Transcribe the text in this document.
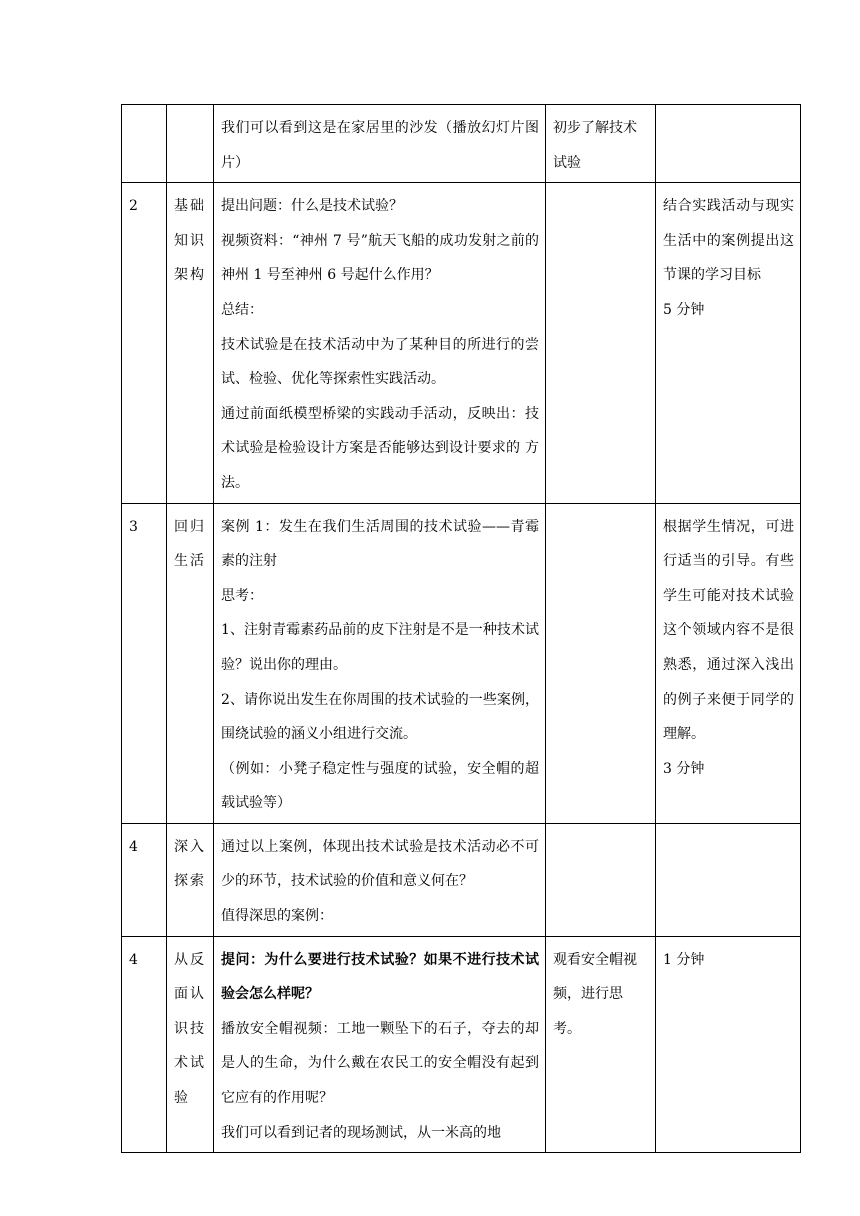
		我们可以看到这是在家居里的沙发（播放幻灯片图片）	初步了解技术试验	

2	基础
知识
架构	提出问题：什么是技术试验？
视频资料：“神州 7 号”航天飞船的成功发射之前的神州 1 号至神州 6 号起什么作用？
总结：
技术试验是在技术活动中为了某种目的所进行的尝试、检验、优化等探索性实践活动。
通过前面纸模型桥梁的实践动手活动，反映出：技术试验是检验设计方案是否能够达到设计要求的 方法。		结合实践活动与现实生活中的案例提出这节课的学习目标
5 分钟

3	回归
生活	案例 1：发生在我们生活周围的技术试验——青霉素的注射
思考：
1、注射青霉素药品前的皮下注射是不是一种技术试验？说出你的理由。
2、请你说出发生在你周围的技术试验的一些案例，围绕试验的涵义小组进行交流。
（例如：小凳子稳定性与强度的试验，安全帽的超载试验等）		根据学生情况，可进行适当的引导。有些学生可能对技术试验这个领域内容不是很熟悉，通过深入浅出的例子来便于同学的理解。
3 分钟

4	深入
探索	通过以上案例，体现出技术试验是技术活动必不可少的环节，技术试验的价值和意义何在？
值得深思的案例：		

4	从反
面认
识技
术试
验	提问：为什么要进行技术试验？如果不进行技术试验会怎么样呢？
播放安全帽视频：工地一颗坠下的石子，夺去的却是人的生命，为什么戴在农民工的安全帽没有起到它应有的作用呢？
我们可以看到记者的现场测试，从一米高的地	观看安全帽视频，进行思考。	1 分钟
